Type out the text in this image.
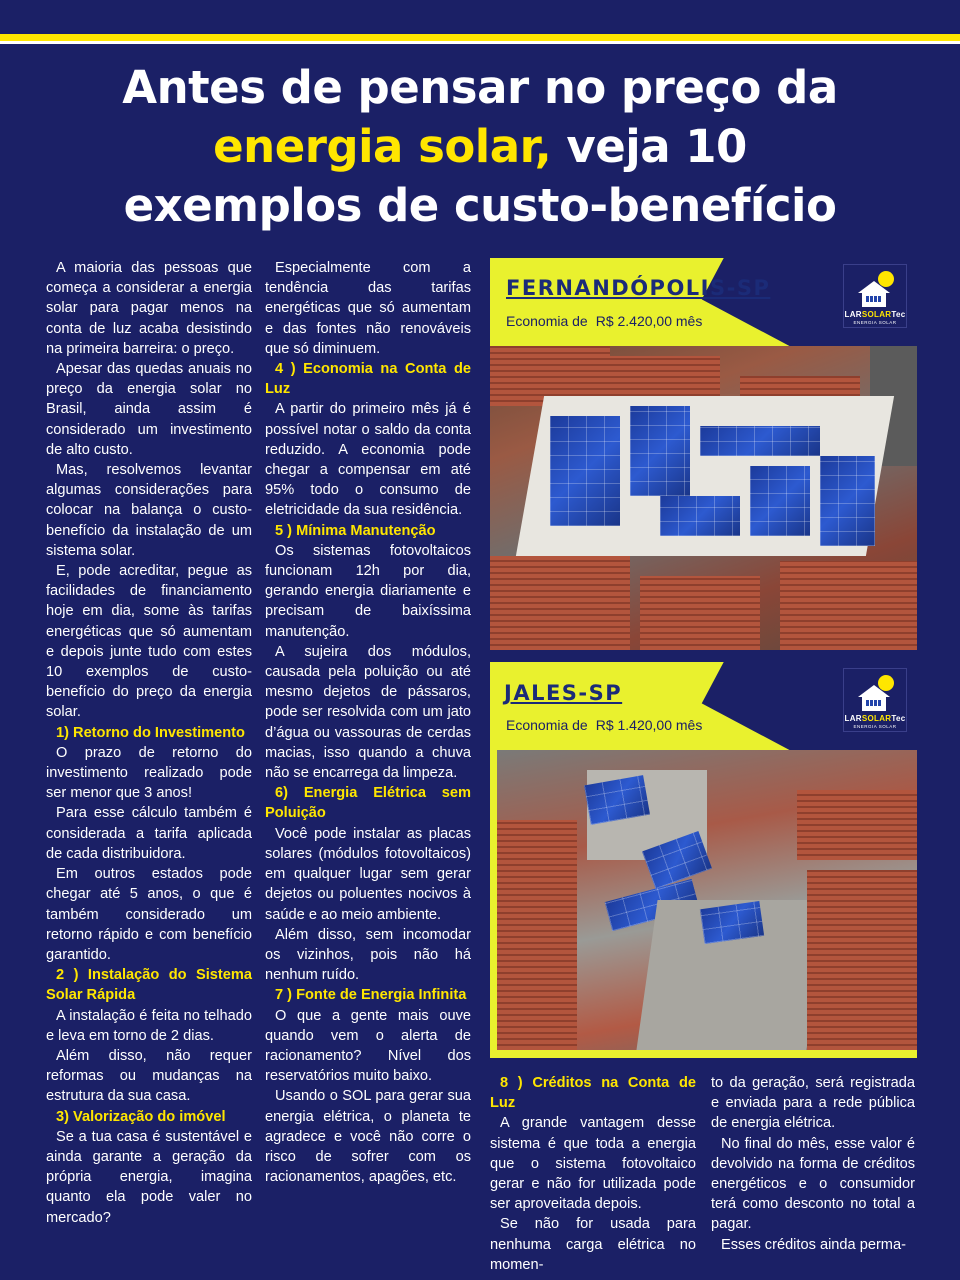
Antes de pensar no preço da
energia solar, veja 10
exemplos de custo-benefício

A maioria das pessoas que começa a considerar a energia solar para pagar menos na conta de luz acaba desistindo na primeira barreira: o preço.

Apesar das quedas anuais no preço da energia solar no Brasil, ainda assim é considerado um investimento de alto custo.

Mas, resolvemos levantar algumas considerações para colocar na balança o custo-benefício da instalação de um sistema solar.

E, pode acreditar, pegue as facilidades de financiamento hoje em dia, some às tarifas energéticas que só aumentam e depois junte tudo com estes 10 exemplos de custo-benefício do preço da energia solar.

1) Retorno do Investimento

O prazo de retorno do investimento realizado pode ser menor que 3 anos!

Para esse cálculo também é considerada a tarifa aplicada de cada distribuidora.

Em outros estados pode chegar até 5 anos, o que é também considerado um retorno rápido e com benefício garantido.

2 ) Instalação do Sistema Solar Rápida

A instalação é feita no telhado e leva em torno de 2 dias.

Além disso, não requer reformas ou mudanças na estrutura da sua casa.

3) Valorização do imóvel

Se a tua casa é sustentável e ainda garante a geração da própria energia, imagina quanto ela pode valer no mercado?

Especialmente com a tendência das tarifas energéticas que só aumentam e das fontes não renováveis que só diminuem.

4 ) Economia na Conta de Luz

A partir do primeiro mês já é possível notar o saldo da conta reduzido. A economia pode chegar a compensar em até 95% todo o consumo de eletricidade da sua residência.

5 ) Mínima Manutenção

Os sistemas fotovoltaicos funcionam 12h por dia, gerando energia diariamente e precisam de baixíssima manutenção.

A sujeira dos módulos, causada pela poluição ou até mesmo dejetos de pássaros, pode ser resolvida com um jato d’água ou vassouras de cerdas macias, isso quando a chuva não se encarrega da limpeza.

6) Energia Elétrica sem Poluição

Você pode instalar as placas solares (módulos fotovoltaicos) em qualquer lugar sem gerar dejetos ou poluentes nocivos à saúde e ao meio ambiente.

Além disso, sem incomodar os vizinhos, pois não há nenhum ruído.

7 ) Fonte de Energia Infinita

O que a gente mais ouve quando vem o alerta de racionamento? Nível dos reservatórios muito baixo.

Usando o SOL para gerar sua energia elétrica, o planeta te agradece e você não corre o risco de sofrer com os racionamentos, apagões, etc.

FERNANDÓPOLIS-SP
Economia de R$ 2.420,00 mês	LARSOLARTec
ENERGIA SOLAR
JALES-SP
Economia de R$ 1.420,00 mês	LARSOLARTec
ENERGIA SOLAR

8 ) Créditos na Conta de Luz

A grande vantagem desse sistema é que toda a energia que o sistema fotovoltaico gerar e não for utilizada pode ser aproveitada depois.

Se não for usada para nenhuma carga elétrica no momen-

to da geração, será registrada e enviada para a rede pública de energia elétrica.

No final do mês, esse valor é devolvido na forma de créditos energéticos e o consumidor terá como desconto no total a pagar.

Esses créditos ainda perma-
